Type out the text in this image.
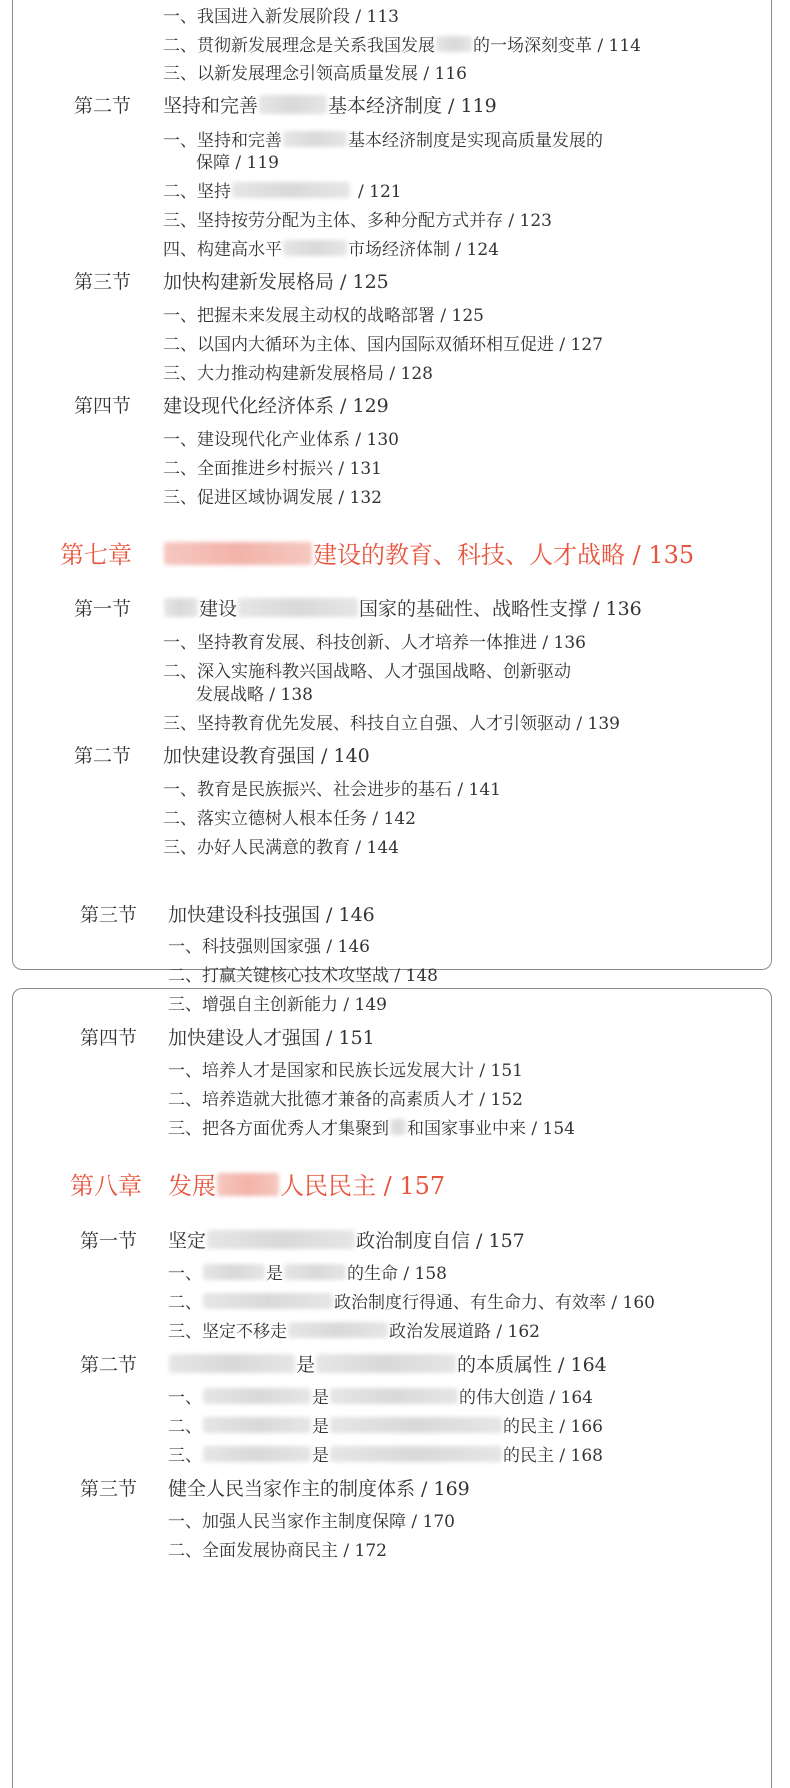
一、我国进入新发展阶段 / 113
二、贯彻新发展理念是关系我国发展 的一场深刻变革 / 114
三、以新发展理念引领高质量发展 / 116
第二节 坚持和完善	基本经济制度 / 119
一、坚持和完善	基本经济制度是实现高质量发展的
保障 / 119
二、坚持	/ 121
三、坚持按劳分配为主体、多种分配方式并存 / 123
四、构建高水平	市场经济体制 / 124
第三节 加快构建新发展格局 / 125
一、把握未来发展主动权的战略部署 / 125
二、以国内大循环为主体、国内国际双循环相互促进 / 127
三、大力推动构建新发展格局 / 128
第四节 建设现代化经济体系 / 129
一、建设现代化产业体系 / 130
二、全面推进乡村振兴 / 131
三、促进区域协调发展 / 132
第七章	建设的教育、科技、人才战略 / 135
第一节	建设	国家的基础性、战略性支撑 / 136
一、坚持教育发展、科技创新、人才培养一体推进 / 136
二、深入实施科教兴国战略、人才强国战略、创新驱动
发展战略 / 138
三、坚持教育优先发展、科技自立自强、人才引领驱动 / 139
第二节 加快建设教育强国 / 140
一、教育是民族振兴、社会进步的基石 / 141
二、落实立德树人根本任务 / 142
三、办好人民满意的教育 / 144
第三节 加快建设科技强国 / 146
一、科技强则国家强 / 146
二、打赢关键核心技术攻坚战 / 148
三、增强自主创新能力 / 149
第四节 加快建设人才强国 / 151
一、培养人才是国家和民族长远发展大计 / 151
二、培养造就大批德才兼备的高素质人才 / 152
三、把各方面优秀人才集聚到 和国家事业中来 / 154
第八章 发展	人民民主 / 157
第一节 坚定	政治制度自信 / 157
一、	是	的生命 / 158
二、	政治制度行得通、有生命力、有效率 / 160
三、坚定不移走	政治发展道路 / 162
第二节	是	的本质属性 / 164
一、	是	的伟大创造 / 164
二、	是	的民主 / 166
三、	是	的民主 / 168
第三节 健全人民当家作主的制度体系 / 169
一、加强人民当家作主制度保障 / 170
二、全面发展协商民主 / 172
